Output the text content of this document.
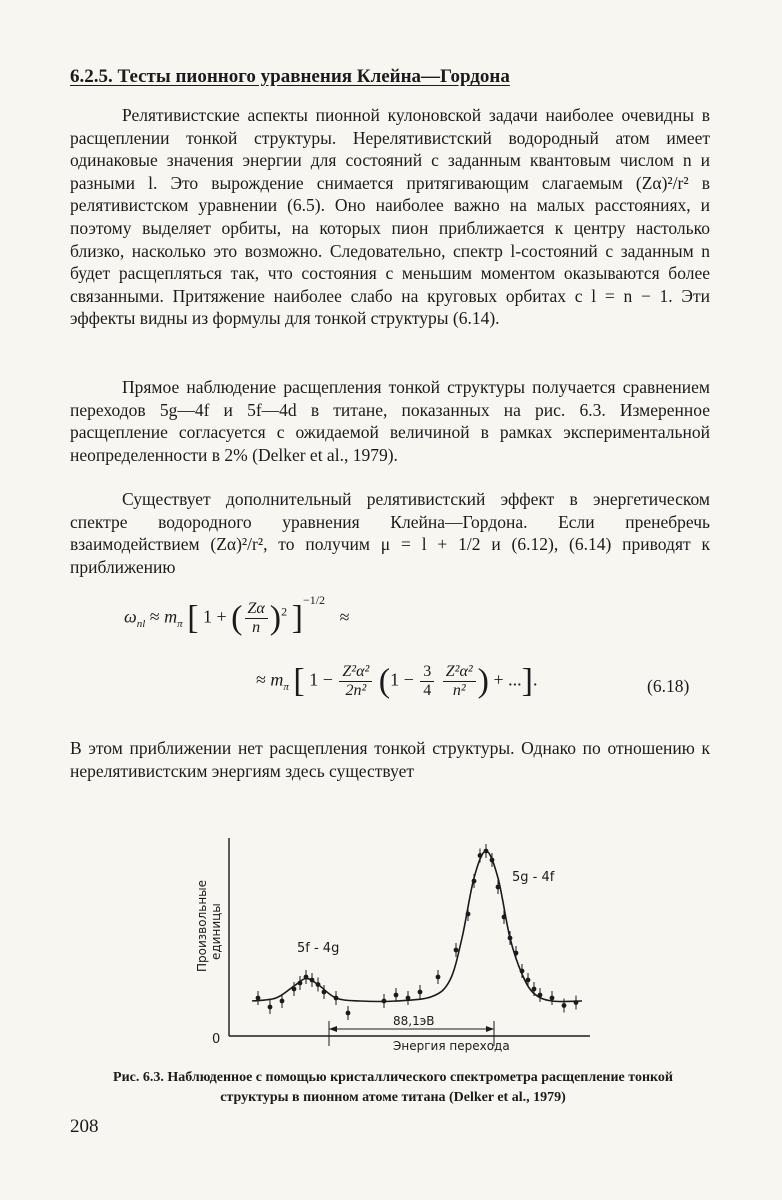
6.2.5. Тесты пионного уравнения Клейна—Гордона

Релятивистские аспекты пионной кулоновской задачи наиболее очевидны в расщеплении тонкой структуры. Нерелятивистский водородный атом имеет одинаковые значения энергии для состояний с заданным квантовым числом n и разными l. Это вырождение снимается притягивающим слагаемым (Zα)²/r² в релятивистском уравнении (6.5). Оно наиболее важно на малых расстояниях, и поэтому выделяет орбиты, на которых пион приближается к центру настолько близко, насколько это возможно. Следовательно, спектр l-состояний с заданным n будет расщепляться так, что состояния с меньшим моментом оказываются более связанными. Притяжение наиболее слабо на круговых орбитах с l = n − 1. Эти эффекты видны из формулы для тонкой структуры (6.14).

Прямое наблюдение расщепления тонкой структуры получается сравнением переходов 5g—4f и 5f—4d в титане, показанных на рис. 6.3. Измеренное расщепление согласуется с ожидаемой величиной в рамках экспериментальной неопределенности в 2% (Delker et al., 1979).

Существует дополнительный релятивистский эффект в энергетическом спектре водородного уравнения Клейна—Гордона. Если пренебречь взаимодействием (Zα)²/r², то получим μ = l + 1/2 и (6.12), (6.14) приводят к приближению

$\omega_{nl} \approx m_\pi$ [ 1 + ( $\frac{Z\alpha}{n} )^2$ ]$^{-1/2}$ ≈
≈ $m_\pi$ [ $1 - \frac{\text{Z²α²}}{\text{2n²}} (1 - \frac{3}{4}$
$\frac{\text{Z²α²}}{\text{n²}}$ ) + ...].	(6.18)

В этом приближении нет расщепления тонкой структуры. Однако по отношению к нерелятивистским энергиям здесь существует

Произвольные единицы
0
5f - 4g
5g - 4f
88,1эВ
Энергия перехода
Рис. 6.3. Наблюденное с помощью кристаллического спектрометра расщепление тонкой структуры в пионном атоме титана (Delker et al., 1979)
208
